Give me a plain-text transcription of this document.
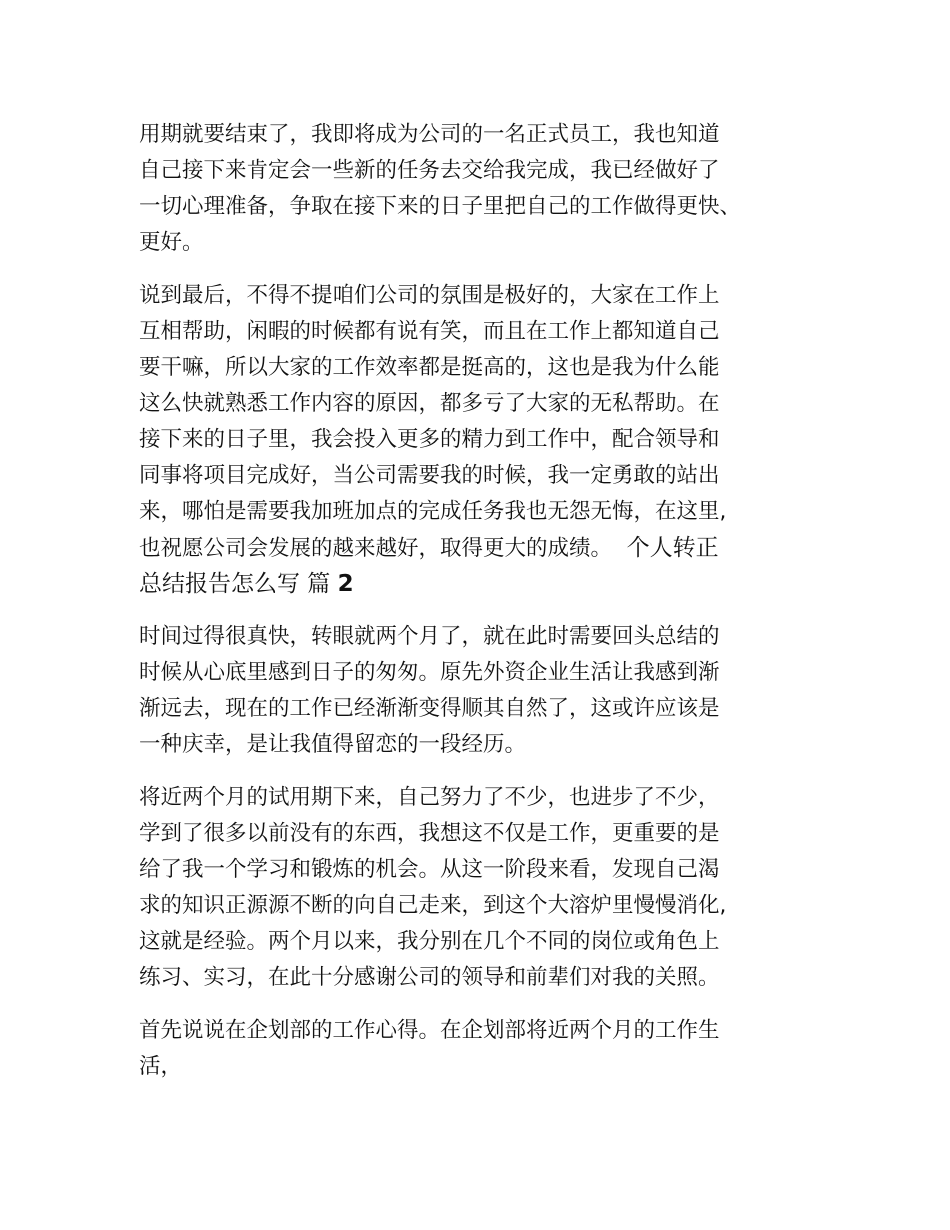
用期就要结束了，我即将成为公司的一名正式员工，我也知道
自己接下来肯定会一些新的任务去交给我完成，我已经做好了
一切心理准备，争取在接下来的日子里把自己的工作做得更快、
更好。

说到最后，不得不提咱们公司的氛围是极好的，大家在工作上
互相帮助，闲暇的时候都有说有笑，而且在工作上都知道自己
要干嘛，所以大家的工作效率都是挺高的，这也是我为什么能
这么快就熟悉工作内容的原因，都多亏了大家的无私帮助。在
接下来的日子里，我会投入更多的精力到工作中，配合领导和
同事将项目完成好，当公司需要我的时候，我一定勇敢的站出
来，哪怕是需要我加班加点的完成任务我也无怨无悔，在这里,
也祝愿公司会发展的越来越好，取得更大的成绩。 个人转正
总结报告怎么写 篇 2

时间过得很真快，转眼就两个月了，就在此时需要回头总结的
时候从心底里感到日子的匆匆。原先外资企业生活让我感到渐
渐远去，现在的工作已经渐渐变得顺其自然了，这或许应该是
一种庆幸，是让我值得留恋的一段经历。

将近两个月的试用期下来，自己努力了不少，也进步了不少，
学到了很多以前没有的东西，我想这不仅是工作，更重要的是
给了我一个学习和锻炼的机会。从这一阶段来看，发现自己渴
求的知识正源源不断的向自己走来，到这个大溶炉里慢慢消化,
这就是经验。两个月以来，我分别在几个不同的岗位或角色上
练习、实习，在此十分感谢公司的领导和前辈们对我的关照。

首先说说在企划部的工作心得。在企划部将近两个月的工作生
活，
